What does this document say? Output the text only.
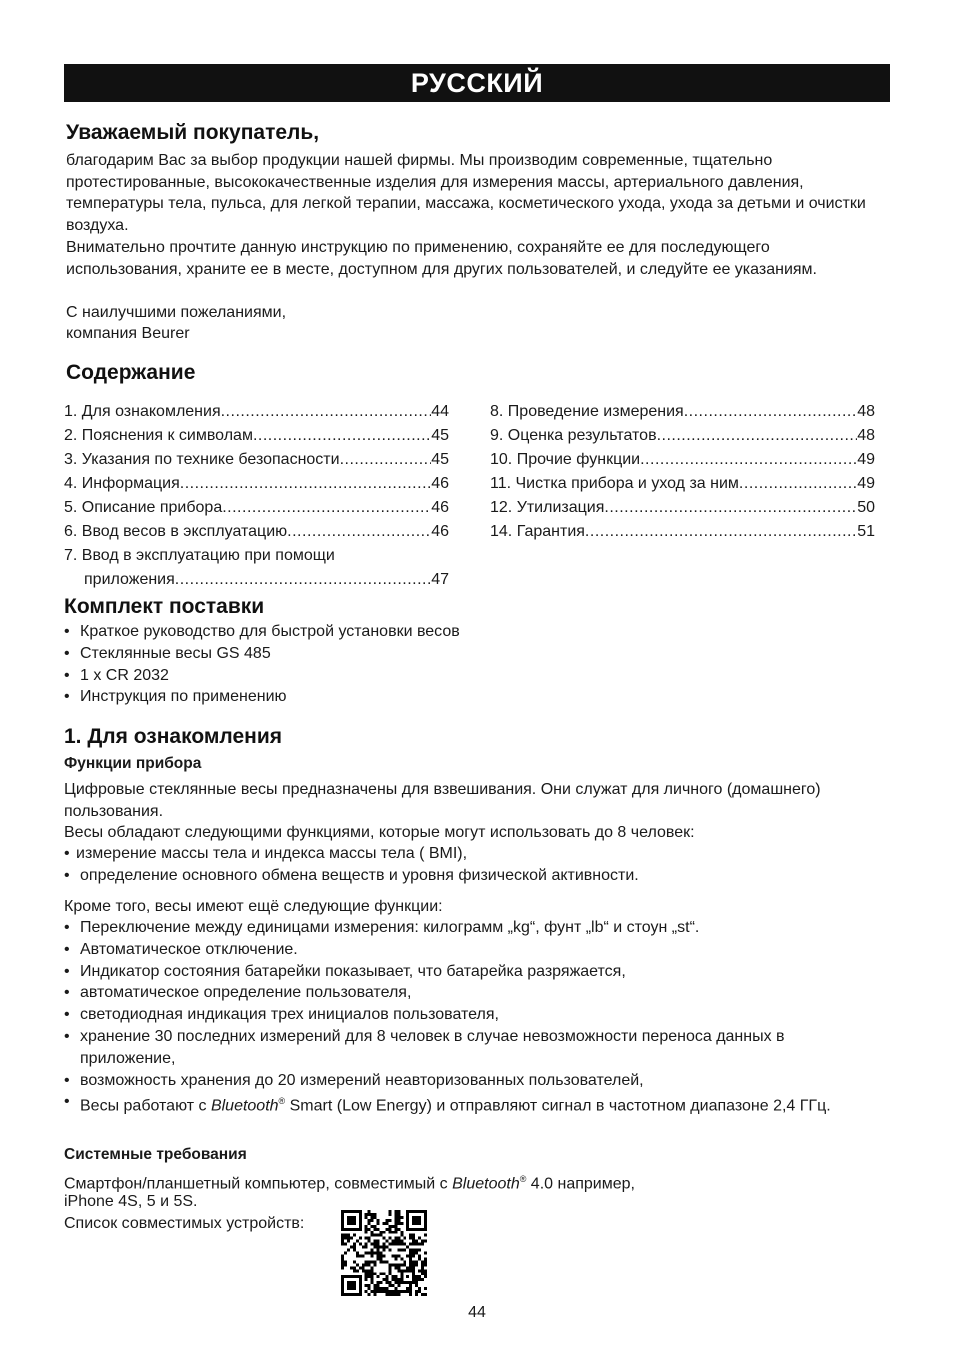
РУССКИЙ
Уважаемый покупатель,

благодарим Вас за выбор продукции нашей фирмы. Мы производим современные, тщательно протестированные, высококачественные изделия для измерения массы, артериального давления, температуры тела, пульса, для легкой терапии, массажа, косметического ухода, ухода за детьми и очистки воздуха.

Внимательно прочтите данную инструкцию по применению, сохраняйте ее для последующего использования, храните ее в месте, доступном для других пользователей, и следуйте ее указаниям.

С наилучшими пожеланиями,

компания Beurer

Содержание
1. Для ознакомления .....	44
2. Пояснения к символам .....	45
3. Указания по технике безопасности .....	45
4. Информация .....	46
5. Описание прибора .....	46
6. Ввод весов в эксплуатацию .....	46
7. Ввод в эксплуатацию при помощи
приложения .....	47
8. Проведение измерения .....	48
9. Оценка результатов .....	48
10. Прочие функции .....	49
11. Чистка прибора и уход за ним .....	49
12. Утилизация .....	50
14. Гарантия .....	51
Комплект поставки
• Краткое руководство для быстрой установки весов
• Стеклянные весы GS 485
• 1 x CR 2032
• Инструкция по применению
1. Для ознакомления
Функции прибора

Цифровые стеклянные весы предназначены для взвешивания. Они служат для личного (домашнего) пользования.

Весы обладают следующими функциями, которые могут использовать до 8 человек:

• измерение массы тела и индекса массы тела ( BMI),
• определение основного обмена веществ и уровня физической активности.

Кроме того, весы имеют ещё следующие функции:

• Переключение между единицами измерения: килограмм „kg“, фунт „lb“ и стоун „st“.
• Автоматическое отключение.
• Индикатор состояния батарейки показывает, что батарейка разряжается,
• автоматическое определение пользователя,
• светодиодная индикация трех инициалов пользователя,
• хранение 30 последних измерений для 8 человек в случае невозможности переноса данных в приложение,
• возможность хранения до 20 измерений неавторизованных пользователей,
• Весы работают с Bluetooth® Smart (Low Energy) и отправляют сигнал в частотном диапазоне 2,4 ГГц.
Системные требования

Смартфон/планшетный компьютер, совместимый с Bluetooth® 4.0 например,

iPhone 4S, 5 и 5S.

Список совместимых устройств:

44
